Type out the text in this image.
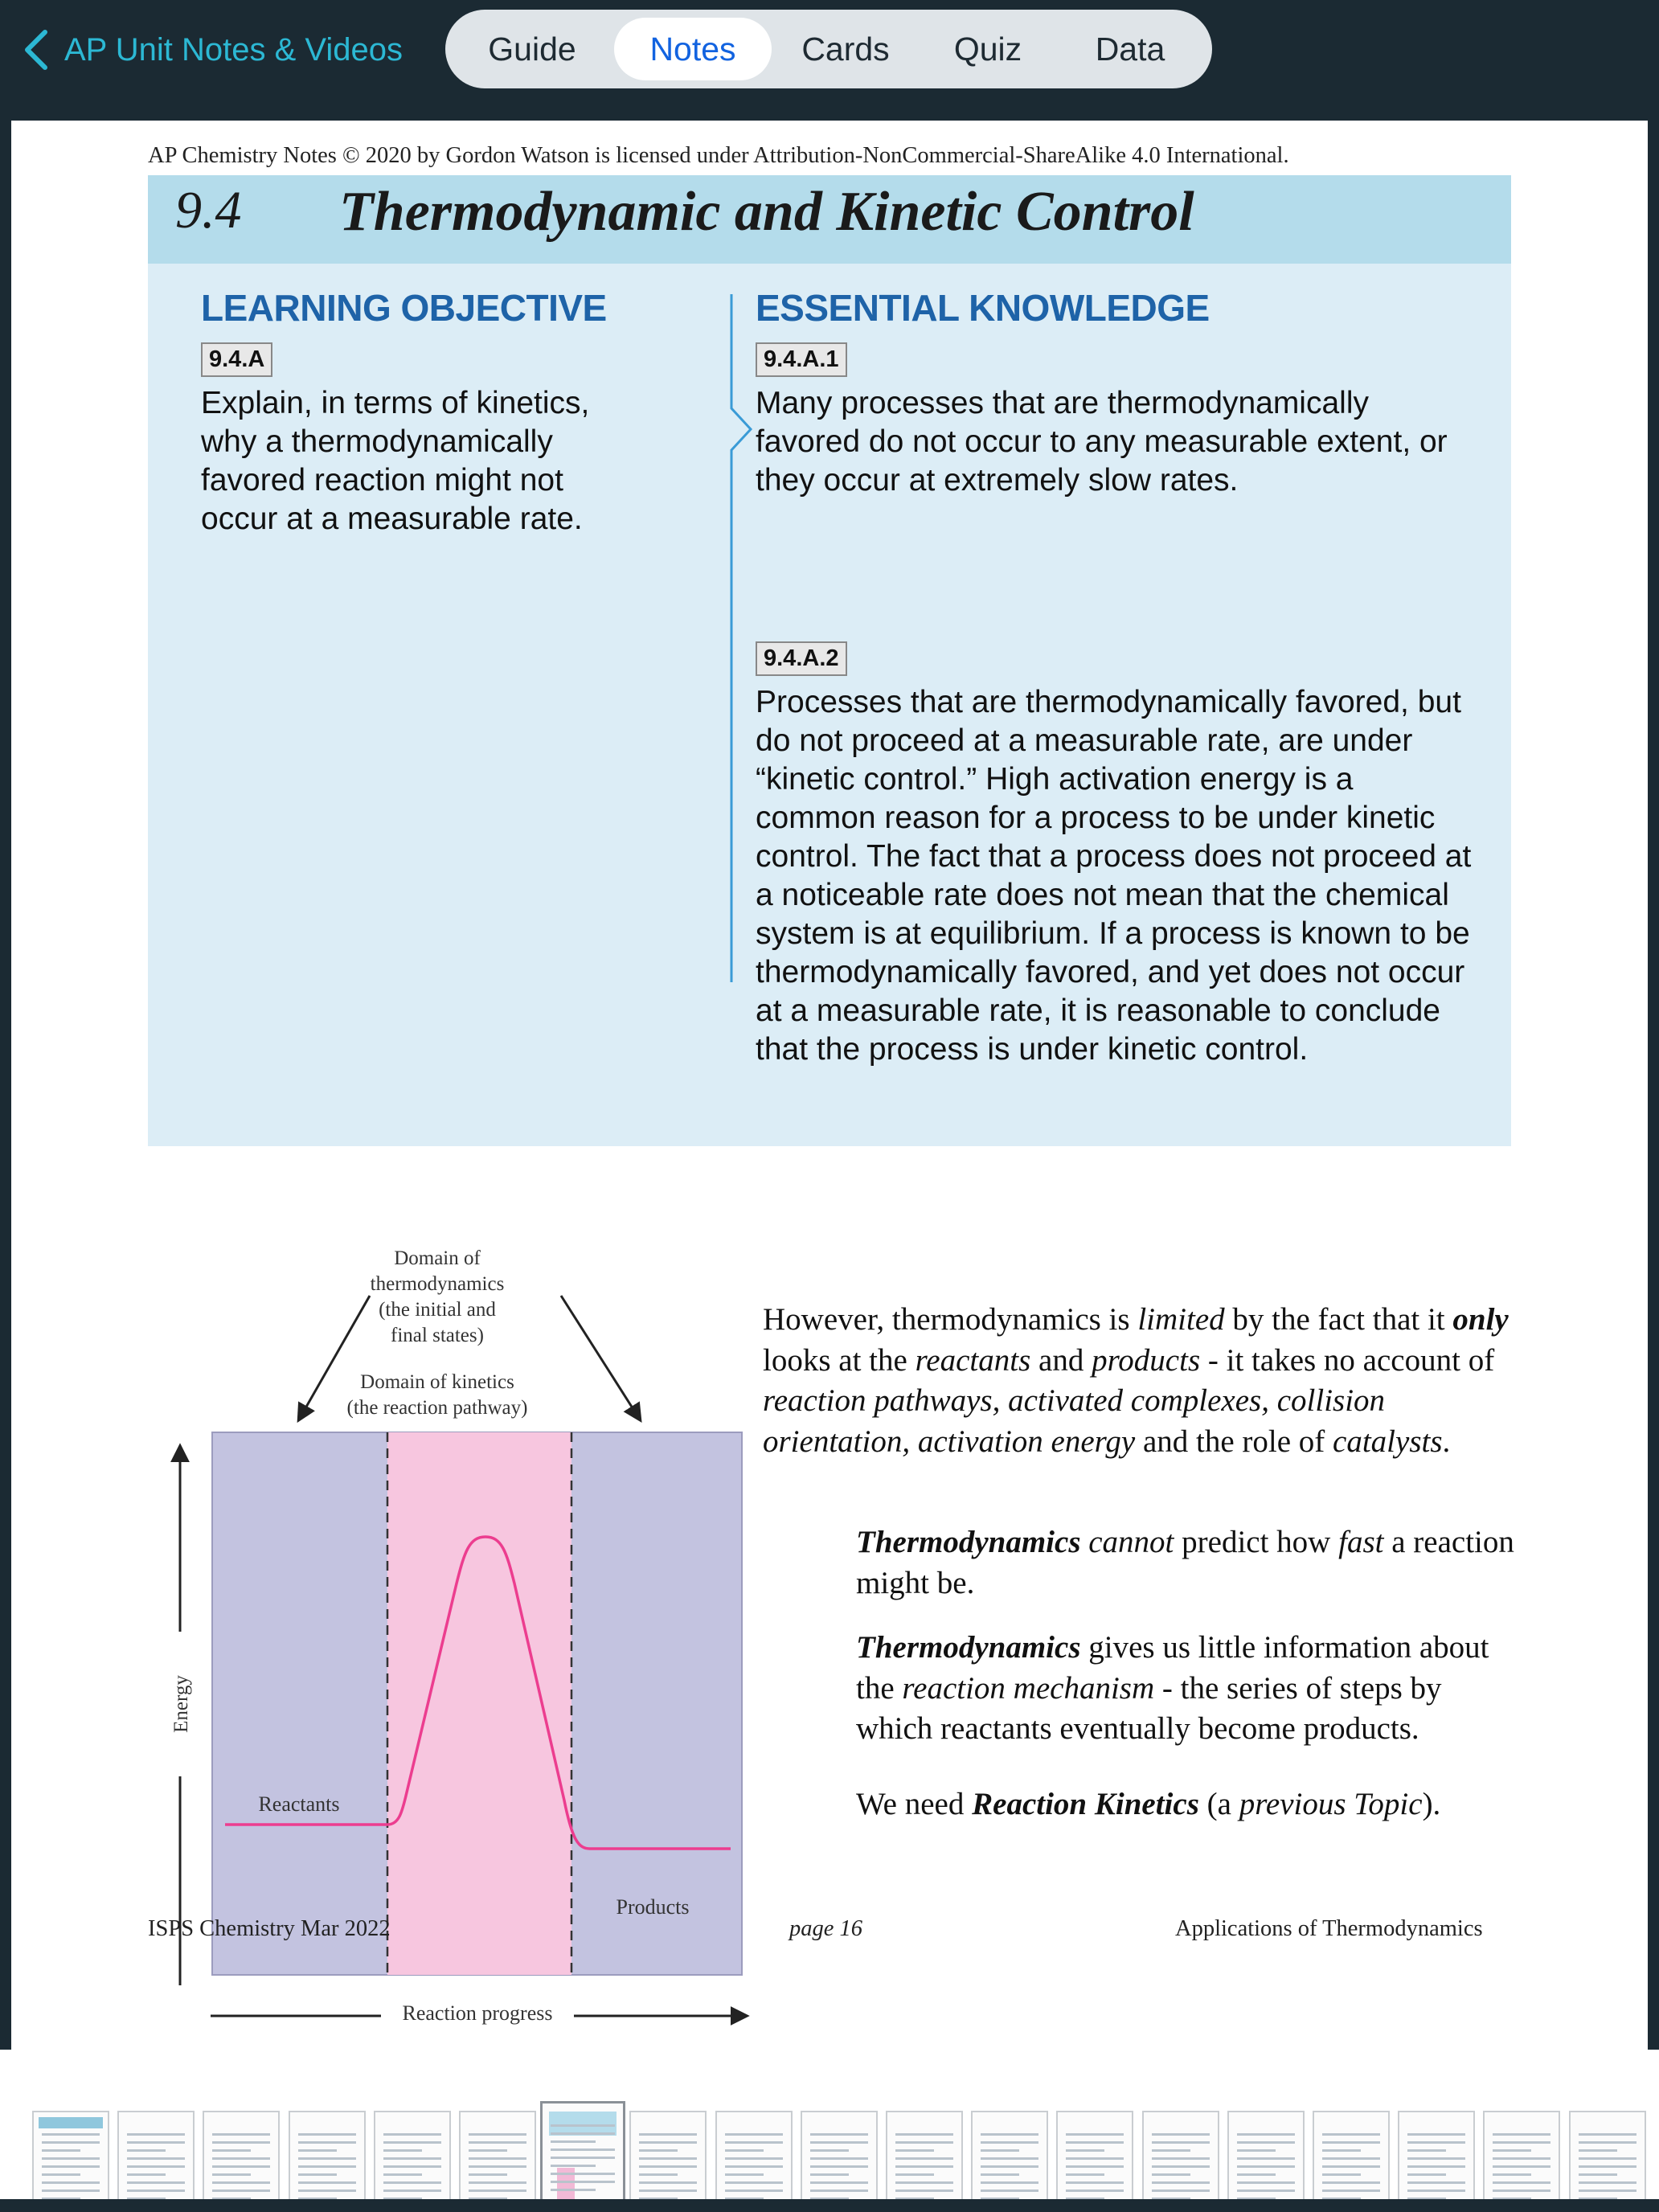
AP Unit Notes & Videos	Guide	Notes	Cards	Quiz	Data
AP Chemistry Notes © 2020 by Gordon Watson is licensed under Attribution-NonCommercial-ShareAlike 4.0 International.
9.4 Thermodynamic and Kinetic Control
LEARNING OBJECTIVE
9.4.A
Explain, in terms of kinetics, why a thermodynamically favored reaction might not occur at a measurable rate.
ESSENTIAL KNOWLEDGE
9.4.A.1
Many processes that are thermodynamically favored do not occur to any measurable extent, or they occur at extremely slow rates.
9.4.A.2
Processes that are thermodynamically favored, but do not proceed at a measurable rate, are under “kinetic control.” High activation energy is a common reason for a process to be under kinetic control. The fact that a process does not proceed at a noticeable rate does not mean that the chemical system is at equilibrium. If a process is known to be thermodynamically favored, and yet does not occur at a measurable rate, it is reasonable to conclude that the process is under kinetic control.
Domain of
thermodynamics
(the initial and
final states)
Domain of kinetics
(the reaction pathway)
Energy
Reaction progress
Reactants
Products

However, thermodynamics is limited by the fact that it only looks at the reactants and products - it takes no account of reaction pathways, activated complexes, collision orientation, activation energy and the role of catalysts.

Thermodynamics cannot predict how fast a reaction might be.

Thermodynamics gives us little information about the reaction mechanism - the series of steps by which reactants eventually become products.

We need Reaction Kinetics (a previous Topic).

ISPS Chemistry Mar 2022	page 16	Applications of Thermodynamics
